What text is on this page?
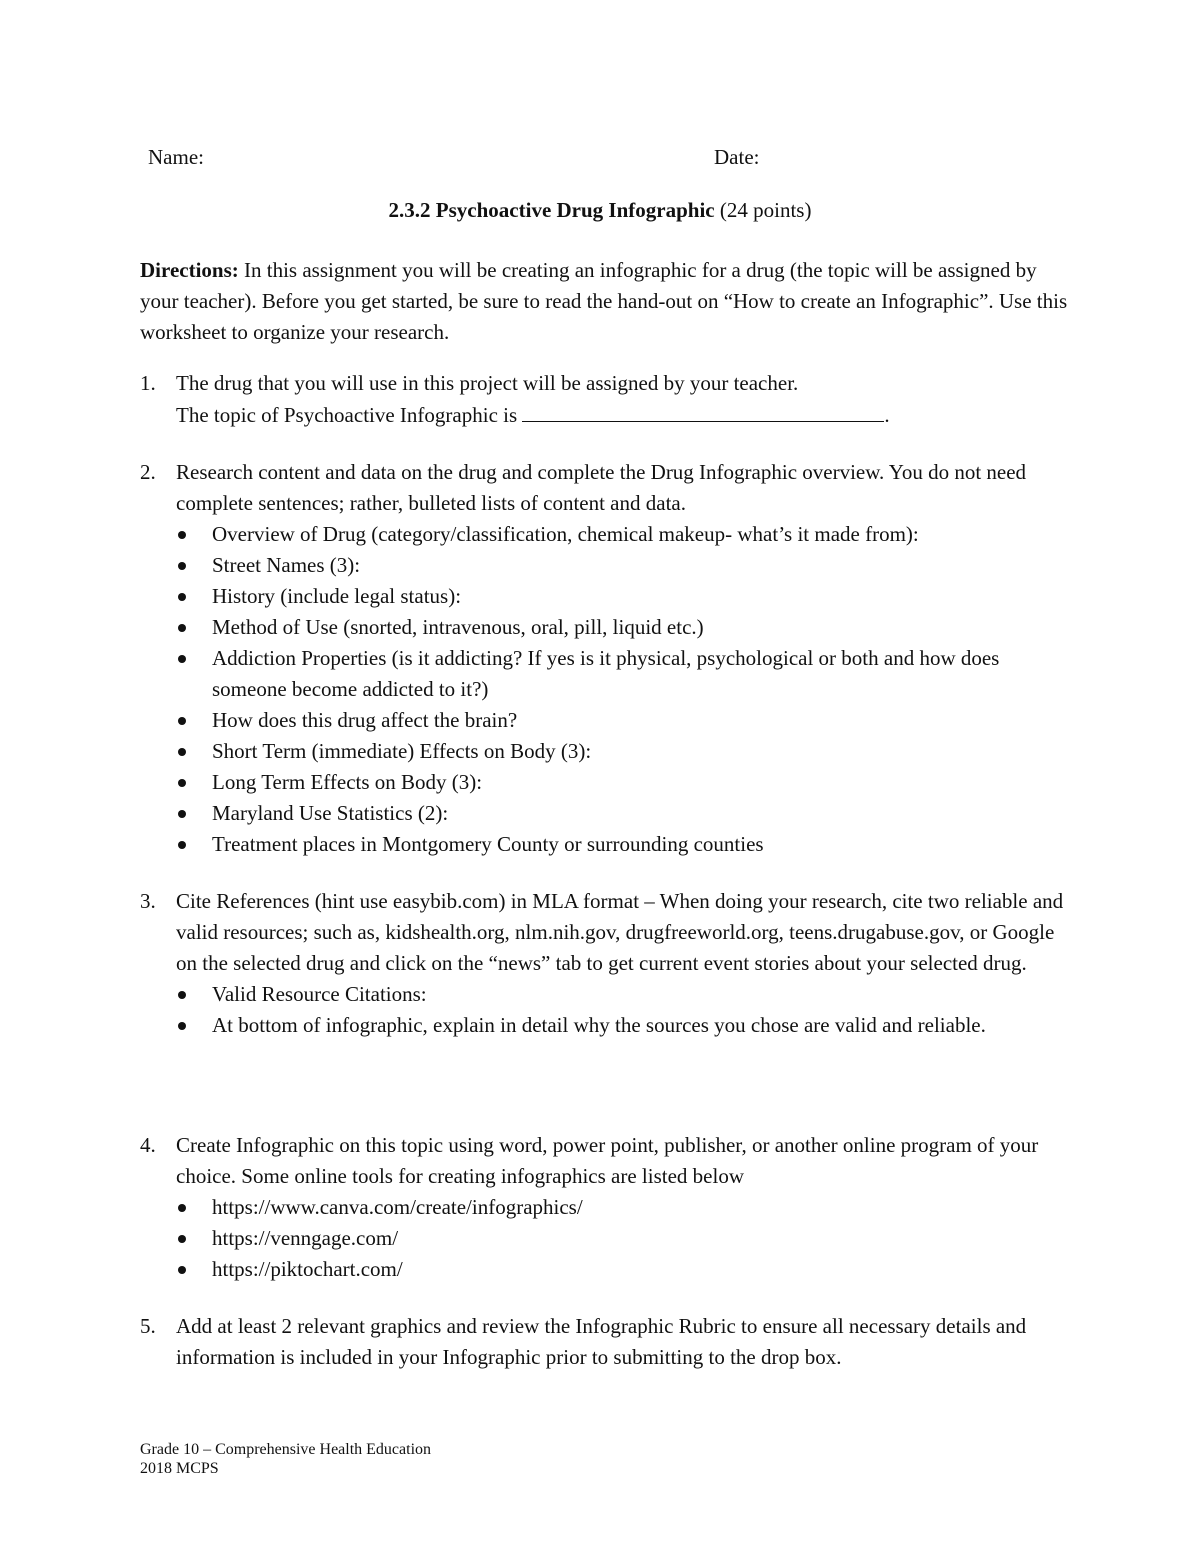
Name:	Date:
2.3.2 Psychoactive Drug Infographic (24 points)
Directions: In this assignment you will be creating an infographic for a drug (the topic will be assigned by your teacher). Before you get started, be sure to read the hand-out on “How to create an Infographic”. Use this worksheet to organize your research.
1. The drug that you will use in this project will be assigned by your teacher.
The topic of Psychoactive Infographic is	.
2. Research content and data on the drug and complete the Drug Infographic overview. You do not need complete sentences; rather, bulleted lists of content and data.
Overview of Drug (category/classification, chemical makeup- what’s it made from):
Street Names (3):
History (include legal status):
Method of Use (snorted, intravenous, oral, pill, liquid etc.)
Addiction Properties (is it addicting? If yes is it physical, psychological or both and how does someone become addicted to it?)
How does this drug affect the brain?
Short Term (immediate) Effects on Body (3):
Long Term Effects on Body (3):
Maryland Use Statistics (2):
Treatment places in Montgomery County or surrounding counties
3. Cite References (hint use easybib.com) in MLA format – When doing your research, cite two reliable and valid resources; such as, kidshealth.org, nlm.nih.gov, drugfreeworld.org, teens.drugabuse.gov, or Google on the selected drug and click on the “news” tab to get current event stories about your selected drug.
Valid Resource Citations:
At bottom of infographic, explain in detail why the sources you chose are valid and reliable.
4. Create Infographic on this topic using word, power point, publisher, or another online program of your choice. Some online tools for creating infographics are listed below
https://www.canva.com/create/infographics/
https://venngage.com/
https://piktochart.com/
5. Add at least 2 relevant graphics and review the Infographic Rubric to ensure all necessary details and information is included in your Infographic prior to submitting to the drop box.
Grade 10 – Comprehensive Health Education
2018 MCPS
